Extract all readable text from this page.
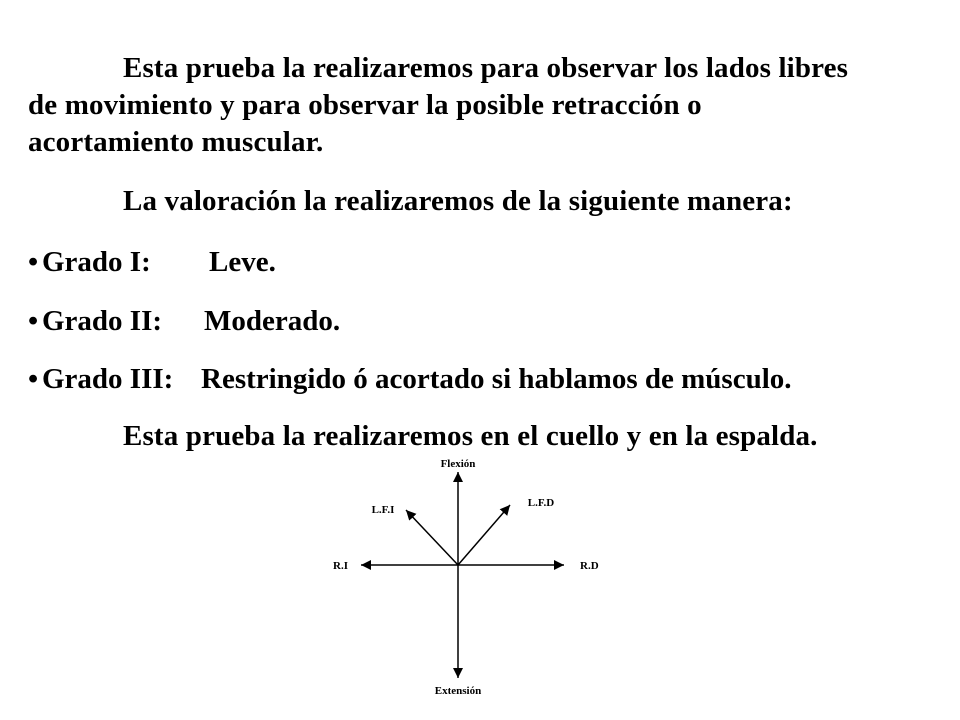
Esta prueba la realizaremos para observar los lados libres
de movimiento y para observar la posible retracción o
acortamiento muscular.
La valoración la realizaremos de la siguiente manera:
• Grado I: Leve.
• Grado II: Moderado.
• Grado III: Restringido ó acortado si hablamos de músculo.
Esta prueba la realizaremos en el cuello y en la espalda.
Flexión
Extensión
R.I	R.D
L.F.I
L.F.D
